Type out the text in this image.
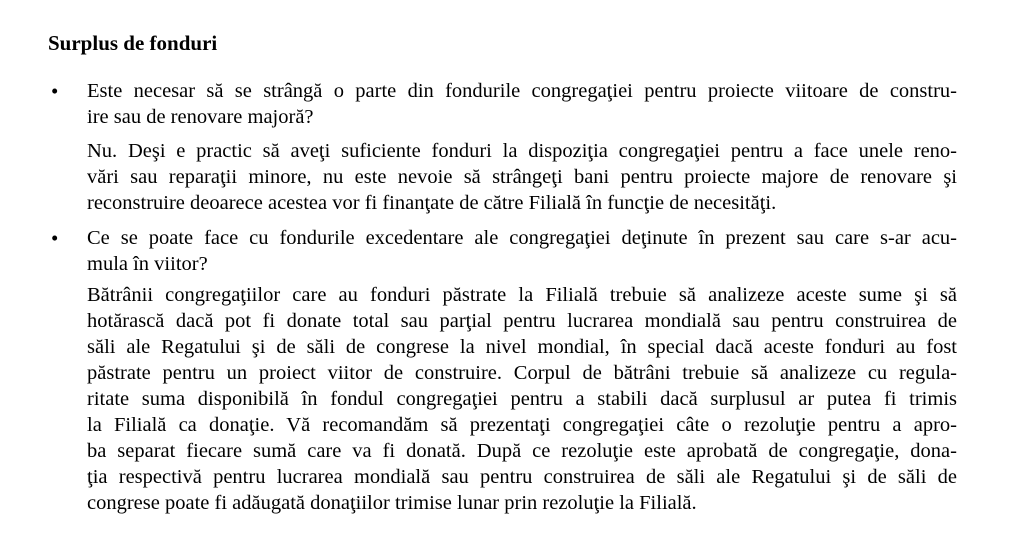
Surplus de fonduri
• Este necesar să se strângă o parte din fondurile congregaţiei pentru proiecte viitoare de constru-
ire sau de renovare majoră?

Nu. Deşi e practic să aveţi suficiente fonduri la dispoziţia congregaţiei pentru a face unele reno-
vări sau reparaţii minore, nu este nevoie să strângeţi bani pentru proiecte majore de renovare şi
reconstruire deoarece acestea vor fi finanţate de către Filială în funcţie de necesităţi.

• Ce se poate face cu fondurile excedentare ale congregaţiei deţinute în prezent sau care s-ar acu-
mula în viitor?

Bătrânii congregaţiilor care au fonduri păstrate la Filială trebuie să analizeze aceste sume şi să
hotărască dacă pot fi donate total sau parţial pentru lucrarea mondială sau pentru construirea de
săli ale Regatului şi de săli de congrese la nivel mondial, în special dacă aceste fonduri au fost
păstrate pentru un proiect viitor de construire. Corpul de bătrâni trebuie să analizeze cu regula-
ritate suma disponibilă în fondul congregaţiei pentru a stabili dacă surplusul ar putea fi trimis
la Filială ca donaţie. Vă recomandăm să prezentaţi congregaţiei câte o rezoluţie pentru a apro-
ba separat fiecare sumă care va fi donată. După ce rezoluţie este aprobată de congregaţie, dona-
ţia respectivă pentru lucrarea mondială sau pentru construirea de săli ale Regatului şi de săli de
congrese poate fi adăugată donaţiilor trimise lunar prin rezoluţie la Filială.
